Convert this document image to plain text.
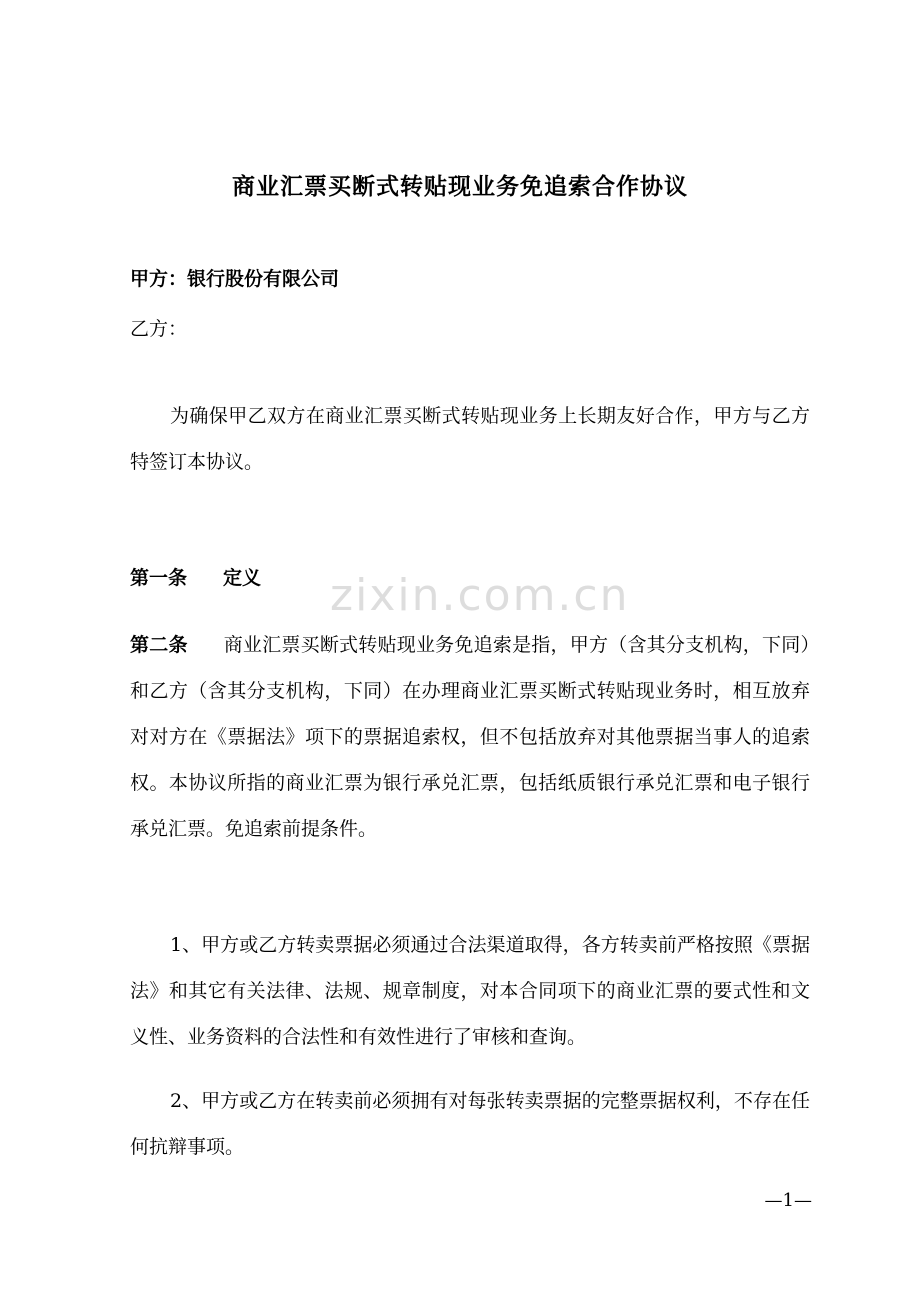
zixin.com.cn
商业汇票买断式转贴现业务免追索合作协议
甲方：银行股份有限公司
乙方：
为确保甲乙双方在商业汇票买断式转贴现业务上长期友好合作，甲方与乙方特签订本协议。
第一条 定义
第二条 商业汇票买断式转贴现业务免追索是指，甲方（含其分支机构，下同）和乙方（含其分支机构，下同）在办理商业汇票买断式转贴现业务时，相互放弃对对方在《票据法》项下的票据追索权，但不包括放弃对其他票据当事人的追索权。本协议所指的商业汇票为银行承兑汇票，包括纸质银行承兑汇票和电子银行承兑汇票。免追索前提条件。
1、甲方或乙方转卖票据必须通过合法渠道取得，各方转卖前严格按照《票据法》和其它有关法律、法规、规章制度，对本合同项下的商业汇票的要式性和文义性、业务资料的合法性和有效性进行了审核和查询。
2、甲方或乙方在转卖前必须拥有对每张转卖票据的完整票据权利，不存在任何抗辩事项。
—1—
